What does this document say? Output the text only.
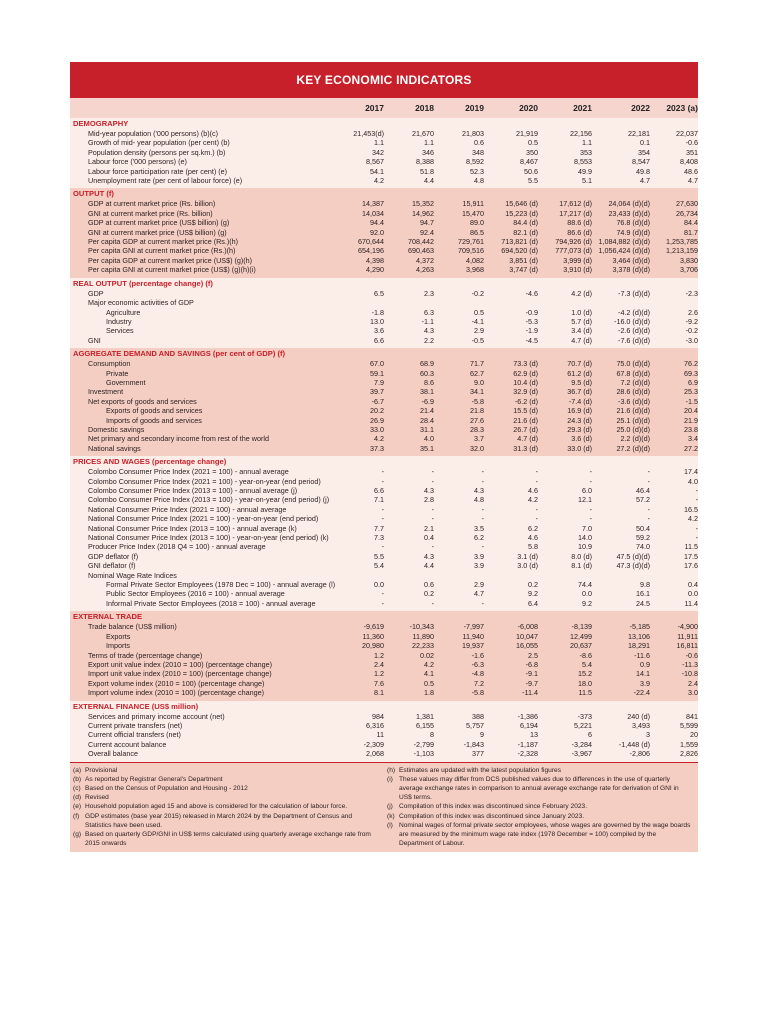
KEY ECONOMIC INDICATORS
	2017	2018	2019	2020	2021	2022	2023 (a)
DEMOGRAPHY							
Mid-year population ('000 persons) (b)(c)	21,453(d)	21,670	21,803	21,919	22,156	22,181	22,037
Growth of mid- year population (per cent) (b)	1.1	1.1	0.6	0.5	1.1	0.1	-0.6
Population density (persons per sq.km.) (b)	342	346	348	350	353	354	351
Labour force ('000 persons) (e)	8,567	8,388	8,592	8,467	8,553	8,547	8,408
Labour force participation rate (per cent) (e)	54.1	51.8	52.3	50.6	49.9	49.8	48.6
Unemployment rate (per cent of labour force) (e)	4.2	4.4	4.8	5.5	5.1	4.7	4.7

OUTPUT (f)							
GDP at current market price (Rs. billion)	14,387	15,352	15,911	15,646 (d)	17,612 (d)	24,064 (d)(d)	27,630
GNI at current market price (Rs. billion)	14,034	14,962	15,470	15,223 (d)	17,217 (d)	23,433 (d)(d)	26,734
GDP at current market price (US$ billion) (g)	94.4	94.7	89.0	84.4 (d)	88.6 (d)	76.8 (d)(d)	84.4
GNI at current market price (US$ billion) (g)	92.0	92.4	86.5	82.1 (d)	86.6 (d)	74.9 (d)(d)	81.7
Per capita GDP at current market price (Rs.)(h)	670,644	708,442	729,761	713,821 (d)	794,926 (d)	1,084,882 (d)(d)	1,253,785
Per capita GNI at current market price (Rs.)(h)	654,196	690,463	709,516	694,520 (d)	777,073 (d)	1,056,424 (d)(d)	1,213,159
Per capita GDP at current market price (US$) (g)(h)	4,398	4,372	4,082	3,851 (d)	3,999 (d)	3,464 (d)(d)	3,830
Per capita GNI at current market price (US$) (g)(h)(i)	4,290	4,263	3,968	3,747 (d)	3,910 (d)	3,378 (d)(d)	3,706

REAL OUTPUT (percentage change) (f)							
GDP	6.5	2.3	-0.2	-4.6	4.2 (d)	-7.3 (d)(d)	-2.3
Major economic activities of GDP							
Agriculture	-1.8	6.3	0.5	-0.9	1.0 (d)	-4.2 (d)(d)	2.6
Industry	13.0	-1.1	-4.1	-5.3	5.7 (d)	-16.0 (d)(d)	-9.2
Services	3.6	4.3	2.9	-1.9	3.4 (d)	-2.6 (d)(d)	-0.2
GNI	6.6	2.2	-0.5	-4.5	4.7 (d)	-7.6 (d)(d)	-3.0

AGGREGATE DEMAND AND SAVINGS (per cent of GDP) (f)							
Consumption	67.0	68.9	71.7	73.3 (d)	70.7 (d)	75.0 (d)(d)	76.2
Private	59.1	60.3	62.7	62.9 (d)	61.2 (d)	67.8 (d)(d)	69.3
Government	7.9	8.6	9.0	10.4 (d)	9.5 (d)	7.2 (d)(d)	6.9
Investment	39.7	38.1	34.1	32.9 (d)	36.7 (d)	28.6 (d)(d)	25.3
Net exports of goods and services	-6.7	-6.9	-5.8	-6.2 (d)	-7.4 (d)	-3.6 (d)(d)	-1.5
Exports of goods and services	20.2	21.4	21.8	15.5 (d)	16.9 (d)	21.6 (d)(d)	20.4
Imports of goods and services	26.9	28.4	27.6	21.6 (d)	24.3 (d)	25.1 (d)(d)	21.9
Domestic savings	33.0	31.1	28.3	26.7 (d)	29.3 (d)	25.0 (d)(d)	23.8
Net primary and secondary income from rest of the world	4.2	4.0	3.7	4.7 (d)	3.6 (d)	2.2 (d)(d)	3.4
National savings	37.3	35.1	32.0	31.3 (d)	33.0 (d)	27.2 (d)(d)	27.2

PRICES AND WAGES (percentage change)							
Colombo Consumer Price Index (2021 = 100) - annual average	-	-	-	-	-	-	17.4
Colombo Consumer Price Index (2021 = 100) - year-on-year (end period)	-	-	-	-	-	-	4.0
Colombo Consumer Price Index (2013 = 100) - annual average (j)	6.6	4.3	4.3	4.6	6.0	46.4	-
Colombo Consumer Price Index (2013 = 100) - year-on-year (end period) (j)	7.1	2.8	4.8	4.2	12.1	57.2	-
National Consumer Price Index (2021 = 100) - annual average	-	-	-	-	-	-	16.5
National Consumer Price Index (2021 = 100) - year-on-year (end period)	-	-	-	-	-	-	4.2
National Consumer Price Index (2013 = 100) - annual average (k)	7.7	2.1	3.5	6.2	7.0	50.4	-
National Consumer Price Index (2013 = 100) - year-on-year (end period) (k)	7.3	0.4	6.2	4.6	14.0	59.2	-
Producer Price Index (2018 Q4 = 100) - annual average	-	-	-	5.8	10.9	74.0	11.5
GDP deflator (f)	5.5	4.3	3.9	3.1 (d)	8.0 (d)	47.5 (d)(d)	17.5
GNI deflator (f)	5.4	4.4	3.9	3.0 (d)	8.1 (d)	47.3 (d)(d)	17.6
Nominal Wage Rate Indices							
Formal Private Sector Employees (1978 Dec = 100) - annual average (l)	0.0	0.6	2.9	0.2	74.4	9.8	0.4
Public Sector Employees (2016 = 100) - annual average	-	0.2	4.7	9.2	0.0	16.1	0.0
Informal Private Sector Employees (2018 = 100) - annual average	-	-	-	6.4	9.2	24.5	11.4

EXTERNAL TRADE							
Trade balance (US$ million)	-9,619	-10,343	-7,997	-6,008	-8,139	-5,185	-4,900
Exports	11,360	11,890	11,940	10,047	12,499	13,106	11,911
Imports	20,980	22,233	19,937	16,055	20,637	18,291	16,811
Terms of trade (percentage change)	1.2	0.02	-1.6	2.5	-8.6	-11.6	-0.6
Export unit value index (2010 = 100) (percentage change)	2.4	4.2	-6.3	-6.8	5.4	0.9	-11.3
Import unit value index (2010 = 100) (percentage change)	1.2	4.1	-4.8	-9.1	15.2	14.1	-10.8
Export volume index (2010 = 100) (percentage change)	7.6	0.5	7.2	-9.7	18.0	3.9	2.4
Import volume index (2010 = 100) (percentage change)	8.1	1.8	-5.8	-11.4	11.5	-22.4	3.0

EXTERNAL FINANCE (US$ million)							
Services and primary income account (net)	984	1,381	388	-1,386	-373	240 (d)	841
Current private transfers (net)	6,316	6,155	5,757	6,194	5,221	3,493	5,599
Current official transfers (net)	11	8	9	13	6	3	20
Current account balance	-2,309	-2,799	-1,843	-1,187	-3,284	-1,448 (d)	1,559
Overall balance	2,068	-1,103	377	-2,328	-3,967	-2,806	2,826

(a) Provisional
(b) As reported by Registrar General's Department
(c) Based on the Census of Population and Housing - 2012
(d) Revised
(e) Household population aged 15 and above is considered for the calculation of labour force.
(f) GDP estimates (base year 2015) released in March 2024 by the Department of Census and Statistics have been used.
(g) Based on quarterly GDP/GNI in US$ terms calculated using quarterly average exchange rate from 2015 onwards
(h) Estimates are updated with the latest population figures
(i) These values may differ from DCS published values due to differences in the use of quarterly average exchange rates in comparison to annual average exchange rate for derivation of GNI in US$ terms.
(j) Compilation of this index was discontinued since February 2023.
(k) Compilation of this index was discontinued since January 2023.
(l) Nominal wages of formal private sector employees, whose wages are governed by the wage boards are measured by the minimum wage rate index (1978 December = 100) compiled by the Department of Labour.
